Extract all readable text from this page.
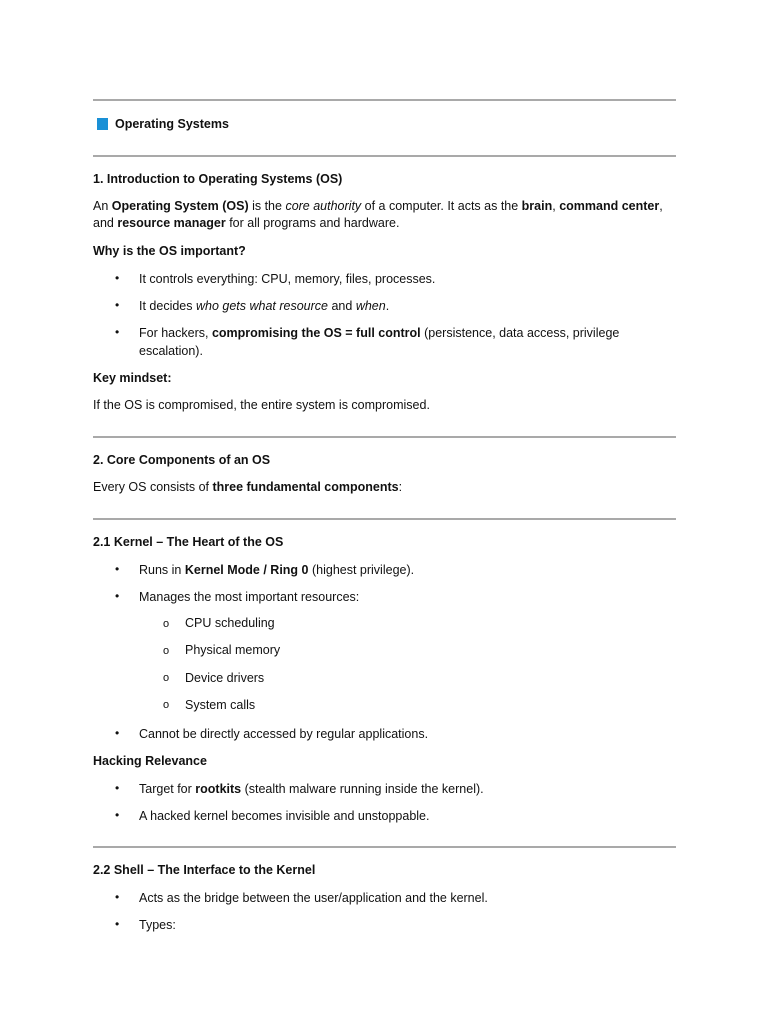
Operating Systems
1. Introduction to Operating Systems (OS)
An Operating System (OS) is the core authority of a computer. It acts as the brain, command center,
and resource manager for all programs and hardware.
Why is the OS important?
• It controls everything: CPU, memory, files, processes.
• It decides who gets what resource and when.
• For hackers, compromising the OS = full control (persistence, data access, privilege
escalation).
Key mindset:
If the OS is compromised, the entire system is compromised.
2. Core Components of an OS
Every OS consists of three fundamental components:
2.1 Kernel – The Heart of the OS
• Runs in Kernel Mode / Ring 0 (highest privilege).
• Manages the most important resources:
o CPU scheduling
o Physical memory
o Device drivers
o System calls
• Cannot be directly accessed by regular applications.
Hacking Relevance
• Target for rootkits (stealth malware running inside the kernel).
• A hacked kernel becomes invisible and unstoppable.
2.2 Shell – The Interface to the Kernel
• Acts as the bridge between the user/application and the kernel.
• Types:
